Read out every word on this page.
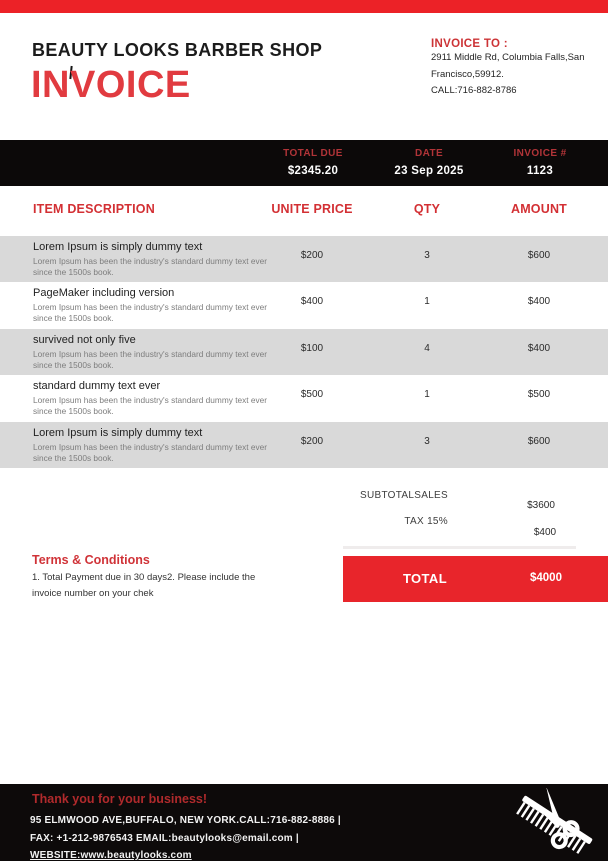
BEAUTY LOOKS BARBER SHOP
INVOICE
INVOICE TO :
2911 Middle Rd, Columbia Falls,San
Francisco,59912.
CALL:716-882-8786
TOTAL DUE
$2345.20
DATE
23 Sep 2025
INVOICE #
1123
ITEM DESCRIPTION	UNITE PRICE	QTY	AMOUNT
Lorem Ipsum is simply dummy text
Lorem Ipsum has been the industry's standard dummy text ever since the 1500s book.
$200	3	$600
PageMaker including version
Lorem Ipsum has been the industry's standard dummy text ever since the 1500s book.
$400	1	$400
survived not only five
Lorem Ipsum has been the industry's standard dummy text ever since the 1500s book.
$100	4	$400
standard dummy text ever
Lorem Ipsum has been the industry's standard dummy text ever since the 1500s book.
$500	1	$500
Lorem Ipsum is simply dummy text
Lorem Ipsum has been the industry's standard dummy text ever since the 1500s book.
$200	3	$600
SUBTOTALSALES
$3600
TAX 15%
$400
Terms & Conditions
1. Total Payment due in 30 days2. Please include the
invoice number on your chek
TOTAL	$4000
Thank you for your business!
95 ELMWOOD AVE,BUFFALO, NEW YORK.CALL:716-882-8886 |
FAX: +1-212-9876543 EMAIL:beautylooks@email.com |
WEBSITE:www.beautylooks.com
